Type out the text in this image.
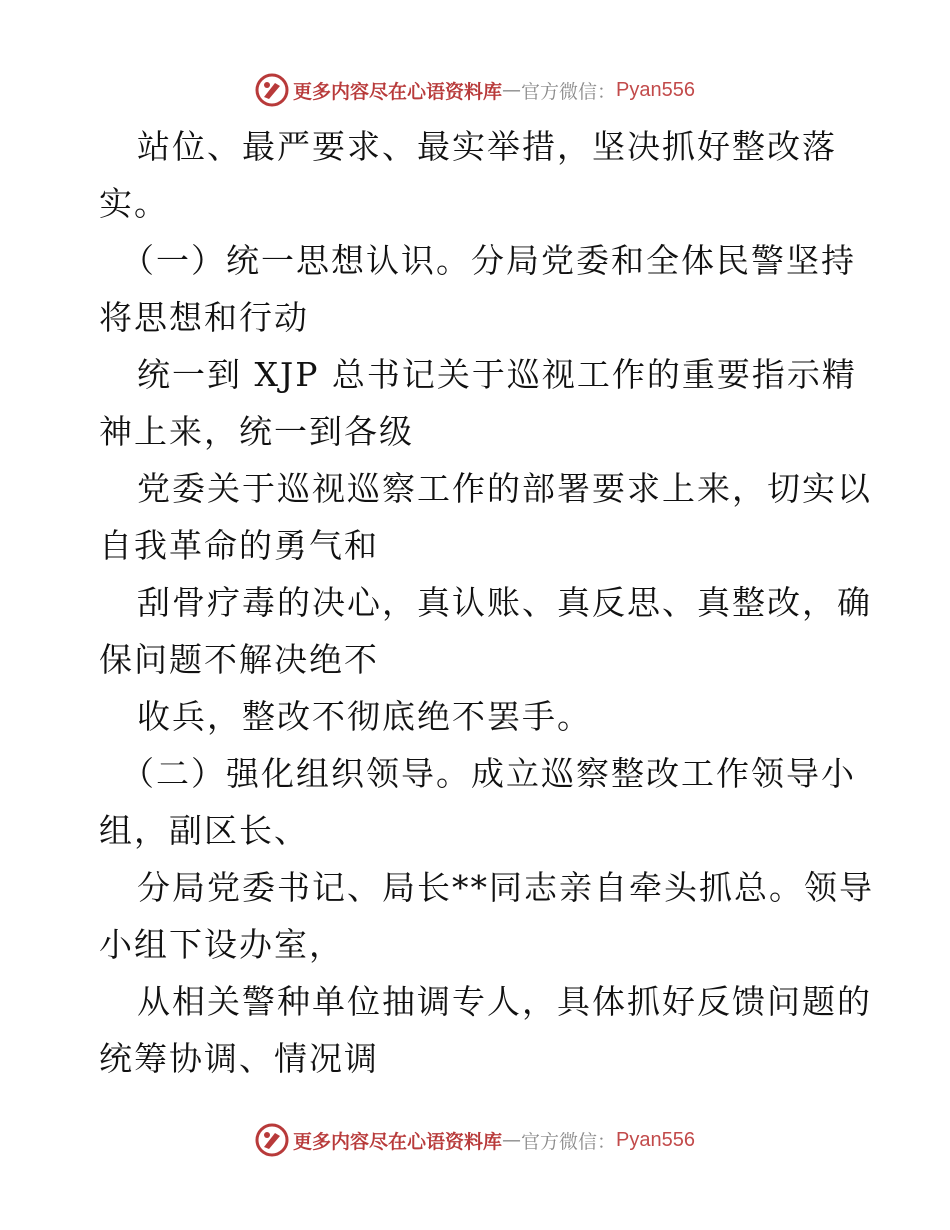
更多内容尽在心语资料库 — 官方微信： Pyan556
站位、最严要求、最实举措，坚决抓好整改落
实。
（一）统一思想认识。分局党委和全体民警坚持
将思想和行动
统一到 XJP 总书记关于巡视工作的重要指示精
神上来，统一到各级
党委关于巡视巡察工作的部署要求上来，切实以
自我革命的勇气和
刮骨疗毒的决心，真认账、真反思、真整改，确
保问题不解决绝不
收兵，整改不彻底绝不罢手。
（二）强化组织领导。成立巡察整改工作领导小
组，副区长、
分局党委书记、局长**同志亲自牵头抓总。领导
小组下设办室，
从相关警种单位抽调专人，具体抓好反馈问题的
统筹协调、情况调
更多内容尽在心语资料库 — 官方微信： Pyan556
